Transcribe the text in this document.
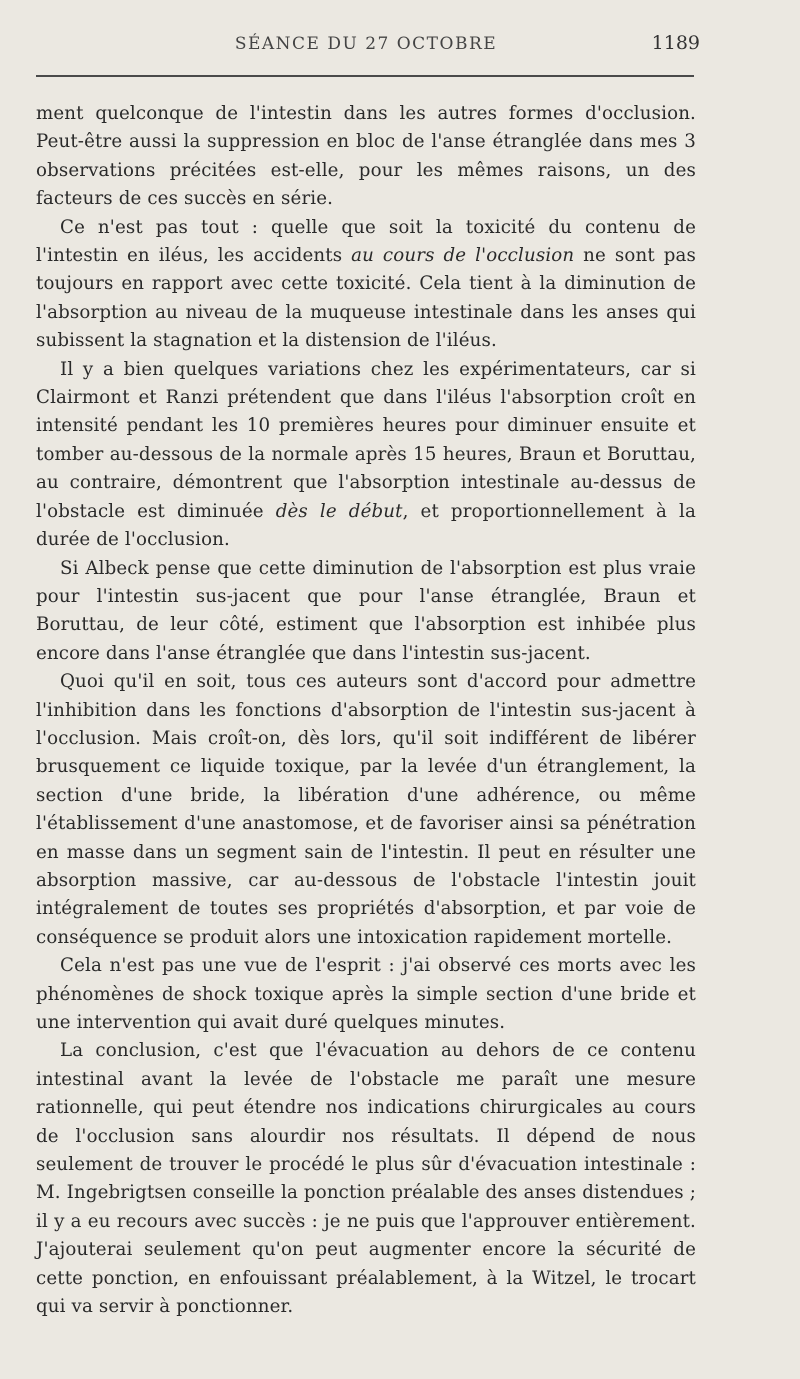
SÉANCE DU 27 OCTOBRE	1189

ment quelconque de l'intestin dans les autres formes d'occlusion. Peut-être aussi la suppression en bloc de l'anse étranglée dans mes 3 observations précitées est-elle, pour les mêmes raisons, un des facteurs de ces succès en série.

Ce n'est pas tout : quelle que soit la toxicité du contenu de l'intestin en iléus, les accidents au cours de l'occlusion ne sont pas toujours en rapport avec cette toxicité. Cela tient à la diminution de l'absorption au niveau de la muqueuse intestinale dans les anses qui subissent la stagnation et la distension de l'iléus.

Il y a bien quelques variations chez les expérimentateurs, car si Clairmont et Ranzi prétendent que dans l'iléus l'absorption croît en intensité pendant les 10 premières heures pour diminuer ensuite et tomber au-dessous de la normale après 15 heures, Braun et Boruttau, au contraire, démontrent que l'absorption intestinale au-dessus de l'obstacle est diminuée dès le début, et proportionnellement à la durée de l'occlusion.

Si Albeck pense que cette diminution de l'absorption est plus vraie pour l'intestin sus-jacent que pour l'anse étranglée, Braun et Boruttau, de leur côté, estiment que l'absorption est inhibée plus encore dans l'anse étranglée que dans l'intestin sus-jacent.

Quoi qu'il en soit, tous ces auteurs sont d'accord pour admettre l'inhibition dans les fonctions d'absorption de l'intestin sus-jacent à l'occlusion. Mais croît-on, dès lors, qu'il soit indifférent de libérer brusquement ce liquide toxique, par la levée d'un étranglement, la section d'une bride, la libération d'une adhérence, ou même l'établissement d'une anastomose, et de favoriser ainsi sa pénétration en masse dans un segment sain de l'intestin. Il peut en résulter une absorption massive, car au-dessous de l'obstacle l'intestin jouit intégralement de toutes ses propriétés d'absorption, et par voie de conséquence se produit alors une intoxication rapidement mortelle.

Cela n'est pas une vue de l'esprit : j'ai observé ces morts avec les phénomènes de shock toxique après la simple section d'une bride et une intervention qui avait duré quelques minutes.

La conclusion, c'est que l'évacuation au dehors de ce contenu intestinal avant la levée de l'obstacle me paraît une mesure rationnelle, qui peut étendre nos indications chirurgicales au cours de l'occlusion sans alourdir nos résultats. Il dépend de nous seulement de trouver le procédé le plus sûr d'évacuation intestinale : M. Ingebrigtsen conseille la ponction préalable des anses distendues ; il y a eu recours avec succès : je ne puis que l'approuver entièrement. J'ajouterai seulement qu'on peut augmenter encore la sécurité de cette ponction, en enfouissant préalablement, à la Witzel, le trocart qui va servir à ponctionner.
